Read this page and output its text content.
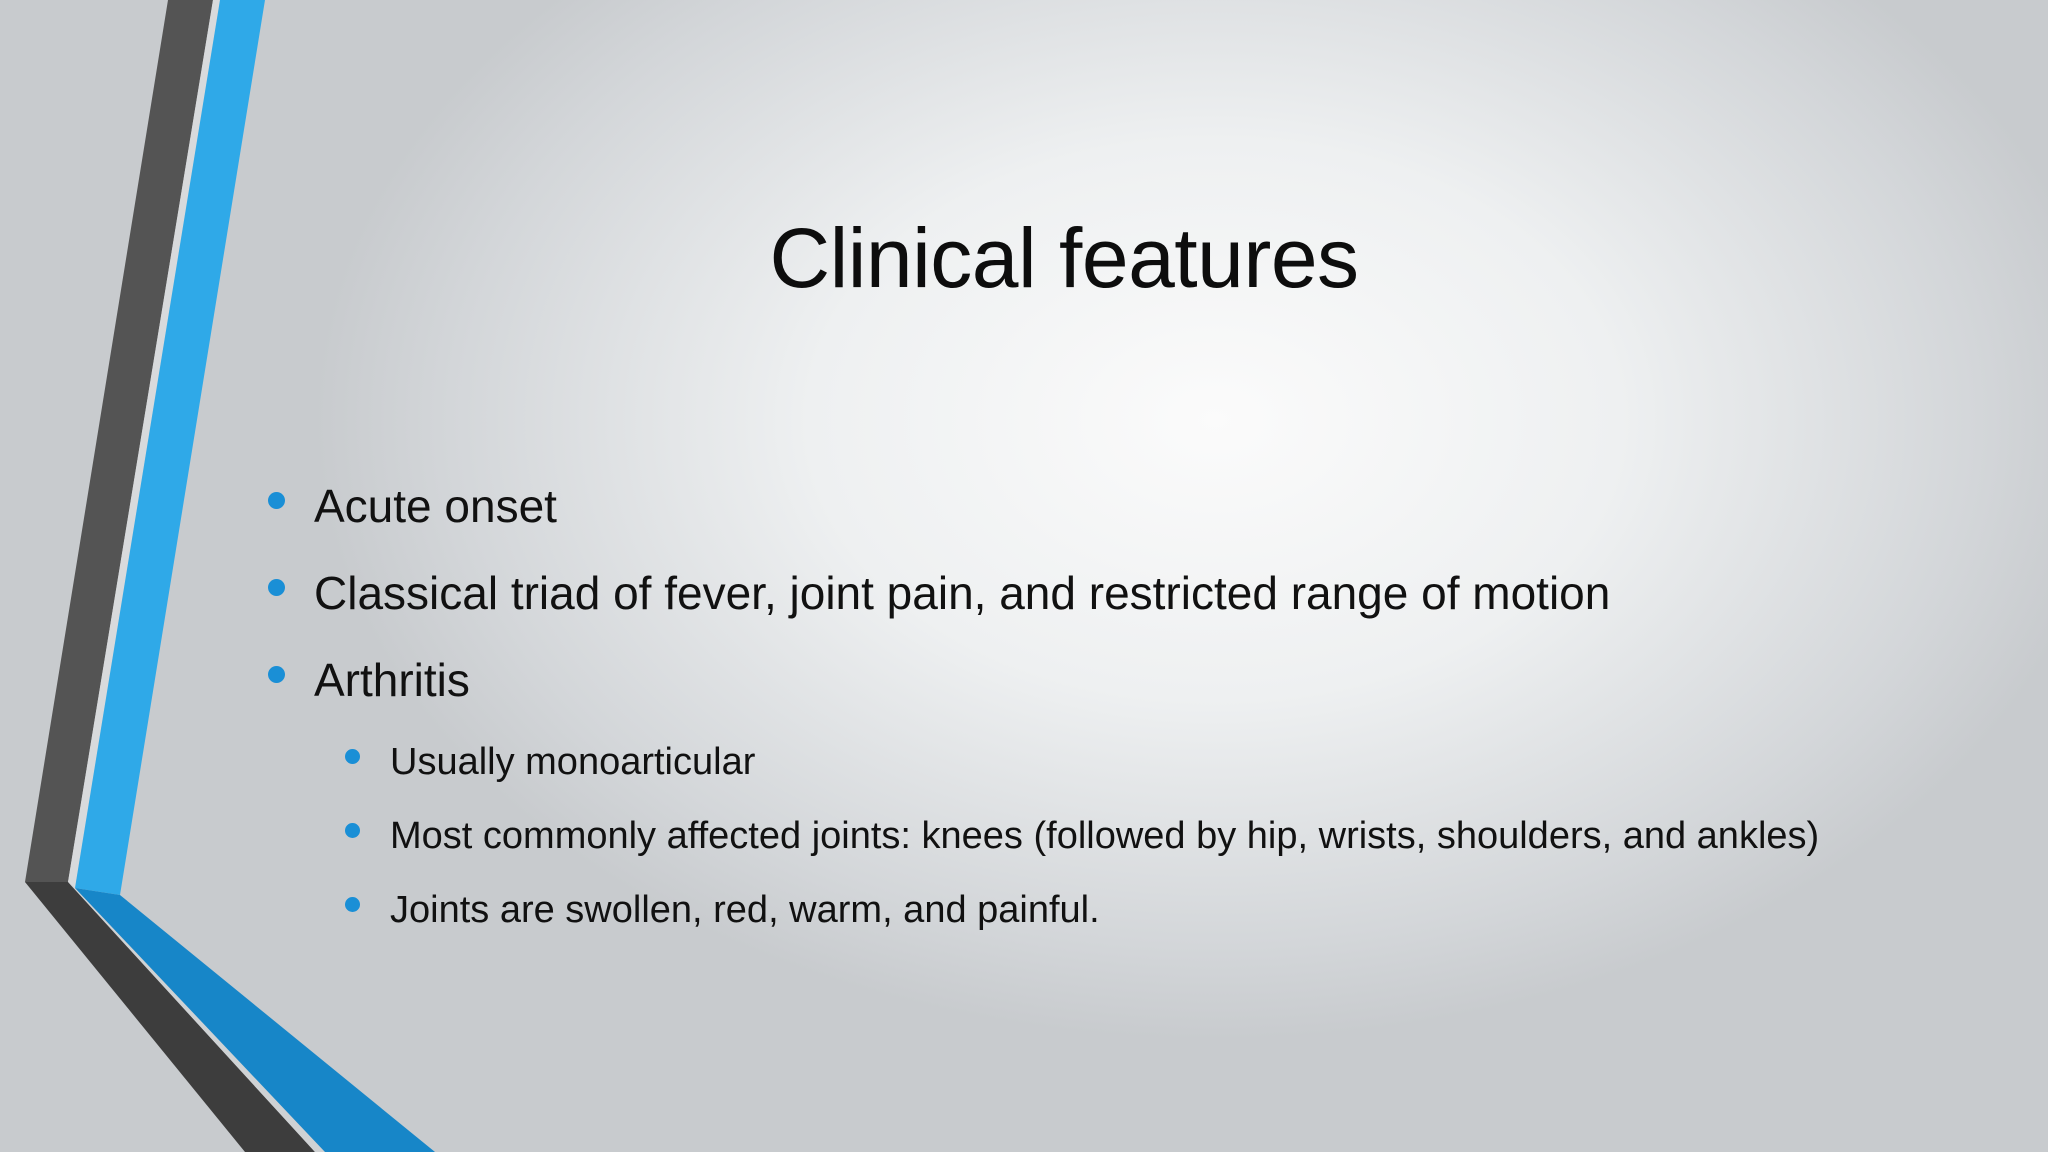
Clinical features
Acute onset
Classical triad of fever, joint pain, and restricted range of motion
Arthritis
Usually monoarticular
Most commonly affected joints: knees (followed by hip, wrists, shoulders, and ankles)
Joints are swollen, red, warm, and painful.
